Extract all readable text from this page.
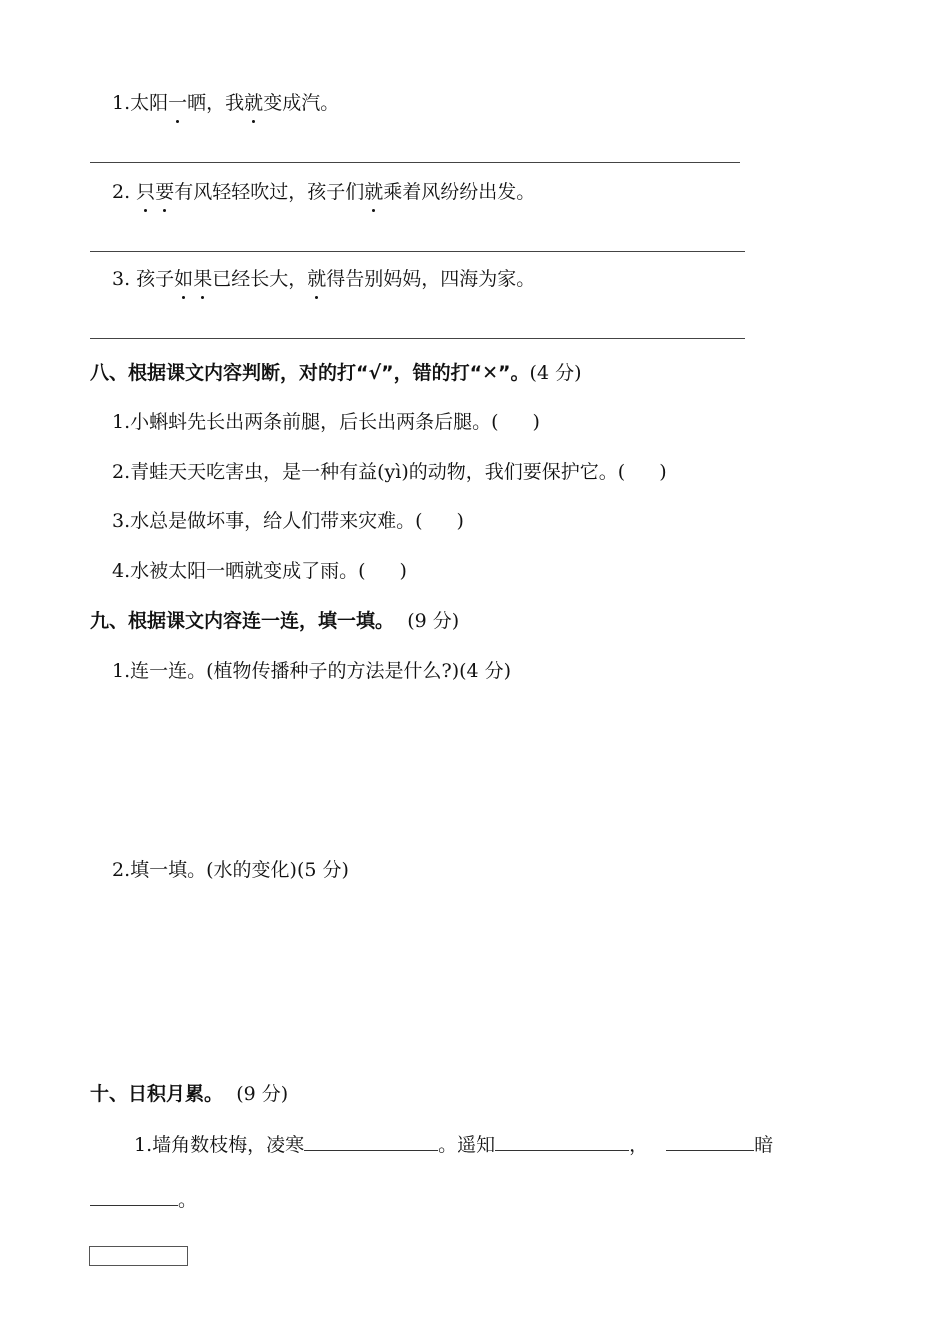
1.太阳一晒，我就变成汽。
2. 只要有风轻轻吹过，孩子们就乘着风纷纷出发。
3. 孩子如果已经长大，就得告别妈妈，四海为家。
八、根据课文内容判断，对的打“√”，错的打“✕”。(4 分)
1.小蝌蚪先长出两条前腿，后长出两条后腿。( )
2.青蛙天天吃害虫，是一种有益(yì)的动物，我们要保护它。( )
3.水总是做坏事，给人们带来灾难。( )
4.水被太阳一晒就变成了雨。( )
九、根据课文内容连一连，填一填。 (9 分)
1.连一连。(植物传播种子的方法是什么?)(4 分)
2.填一填。(水的变化)(5 分)
十、日积月累。 (9 分)
1.墙角数枝梅，凌寒	。遥知	，	暗
。
